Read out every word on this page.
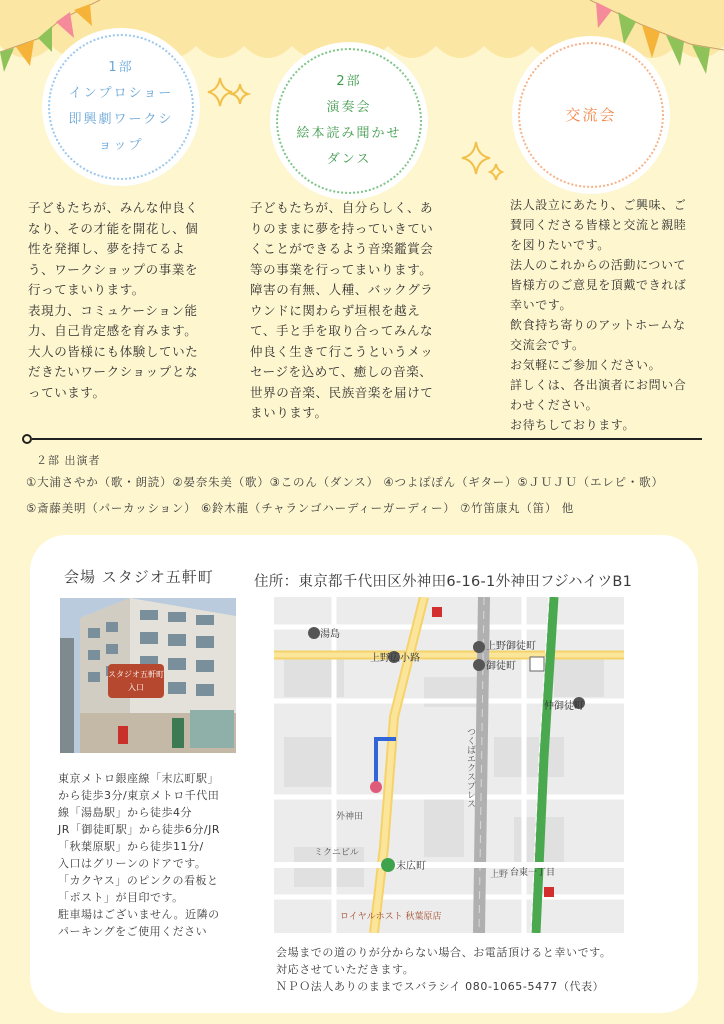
1部
インプロショー
即興劇ワークシ
ョップ
2部
演奏会
絵本読み聞かせ
ダンス
交流会

子どもたちが、みんな仲良く
なり、その才能を開花し、個
性を発揮し、夢を持てるよ
う、ワークショップの事業を
行ってまいります。
表現力、コミュケーション能
力、自己肯定感を育みます。
大人の皆様にも体験していた
だきたいワークショップとな
っています。

子どもたちが、自分らしく、あ
りのままに夢を持っていきてい
くことができるよう音楽鑑賞会
等の事業を行ってまいります。
障害の有無、人種、バックグラ
ウンドに関わらず垣根を越え
て、手と手を取り合ってみんな
仲良く生きて行こうというメッ
セージを込めて、癒しの音楽、
世界の音楽、民族音楽を届けて
まいります。

法人設立にあたり、ご興味、ご
賛同くださる皆様と交流と親睦
を図りたいです。
法人のこれからの活動について
皆様方のご意見を頂戴できれば
幸いです。
飲食持ち寄りのアットホームな
交流会です。
お気軽にご参加ください。
詳しくは、各出演者にお問い合
わせください。
お待ちしております。

２部 出演者
①大浦さやか（歌・朗読）②晏奈朱美（歌）③このん（ダンス） ④つよぽぽん（ギター）⑤ＪＵＪＵ（エレピ・歌）
⑤斎藤美明（パーカッション） ⑥鈴木龍（チャランゴハーディーガーディー） ⑦竹笛康丸（笛） 他
会場 スタジオ五軒町	住所：東京都千代田区外神田6-16-1外神田フジハイツB1
スタジオ五軒町
入口
東京メトロ銀座線「末広町駅」
から徒歩3分/東京メトロ千代田
線「湯島駅」から徒歩4分
JR「御徒町駅」から徒歩6分/JR
「秋葉原駅」から徒歩11分/
入口はグリーンのドアです。
「カクヤス」のピンクの看板と
「ポスト」が目印です。
駐車場はございません。近隣の
パーキングをご使用ください
湯島
上野広小路
上野御徒町
御徒町
仲御徒町
末広町
外神田
ミクニビル
上野 台東一丁目
ロイヤルホスト 秋葉原店
つくばエクスプレス
会場までの道のりが分からない場合、お電話頂けると幸いです。
対応させていただきます。
ＮＰＯ法人ありのままでスバラシイ 080-1065-5477（代表）
